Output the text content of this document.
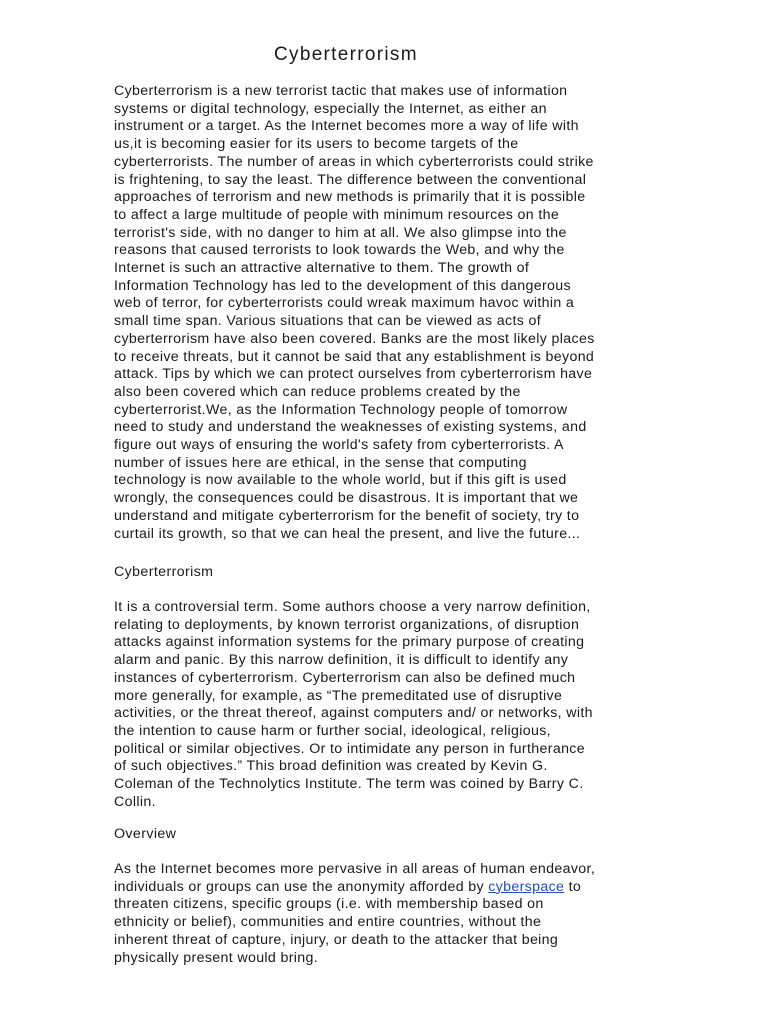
Cyberterrorism

Cyberterrorism is a new terrorist tactic that makes use of information
systems or digital technology, especially the Internet, as either an
instrument or a target. As the Internet becomes more a way of life with
us,it is becoming easier for its users to become targets of the
cyberterrorists. The number of areas in which cyberterrorists could strike
is frightening, to say the least. The difference between the conventional
approaches of terrorism and new methods is primarily that it is possible
to affect a large multitude of people with minimum resources on the
terrorist's side, with no danger to him at all. We also glimpse into the
reasons that caused terrorists to look towards the Web, and why the
Internet is such an attractive alternative to them. The growth of
Information Technology has led to the development of this dangerous
web of terror, for cyberterrorists could wreak maximum havoc within a
small time span. Various situations that can be viewed as acts of
cyberterrorism have also been covered. Banks are the most likely places
to receive threats, but it cannot be said that any establishment is beyond
attack. Tips by which we can protect ourselves from cyberterrorism have
also been covered which can reduce problems created by the
cyberterrorist.We, as the Information Technology people of tomorrow
need to study and understand the weaknesses of existing systems, and
figure out ways of ensuring the world's safety from cyberterrorists. A
number of issues here are ethical, in the sense that computing
technology is now available to the whole world, but if this gift is used
wrongly, the consequences could be disastrous. It is important that we
understand and mitigate cyberterrorism for the benefit of society, try to
curtail its growth, so that we can heal the present, and live the future...

Cyberterrorism

It is a controversial term. Some authors choose a very narrow definition,
relating to deployments, by known terrorist organizations, of disruption
attacks against information systems for the primary purpose of creating
alarm and panic. By this narrow definition, it is difficult to identify any
instances of cyberterrorism. Cyberterrorism can also be defined much
more generally, for example, as “The premeditated use of disruptive
activities, or the threat thereof, against computers and/ or networks, with
the intention to cause harm or further social, ideological, religious,
political or similar objectives. Or to intimidate any person in furtherance
of such objectives.” This broad definition was created by Kevin G.
Coleman of the Technolytics Institute. The term was coined by Barry C.
Collin.

Overview

As the Internet becomes more pervasive in all areas of human endeavor,
individuals or groups can use the anonymity afforded by cyberspace to
threaten citizens, specific groups (i.e. with membership based on
ethnicity or belief), communities and entire countries, without the
inherent threat of capture, injury, or death to the attacker that being
physically present would bring.
